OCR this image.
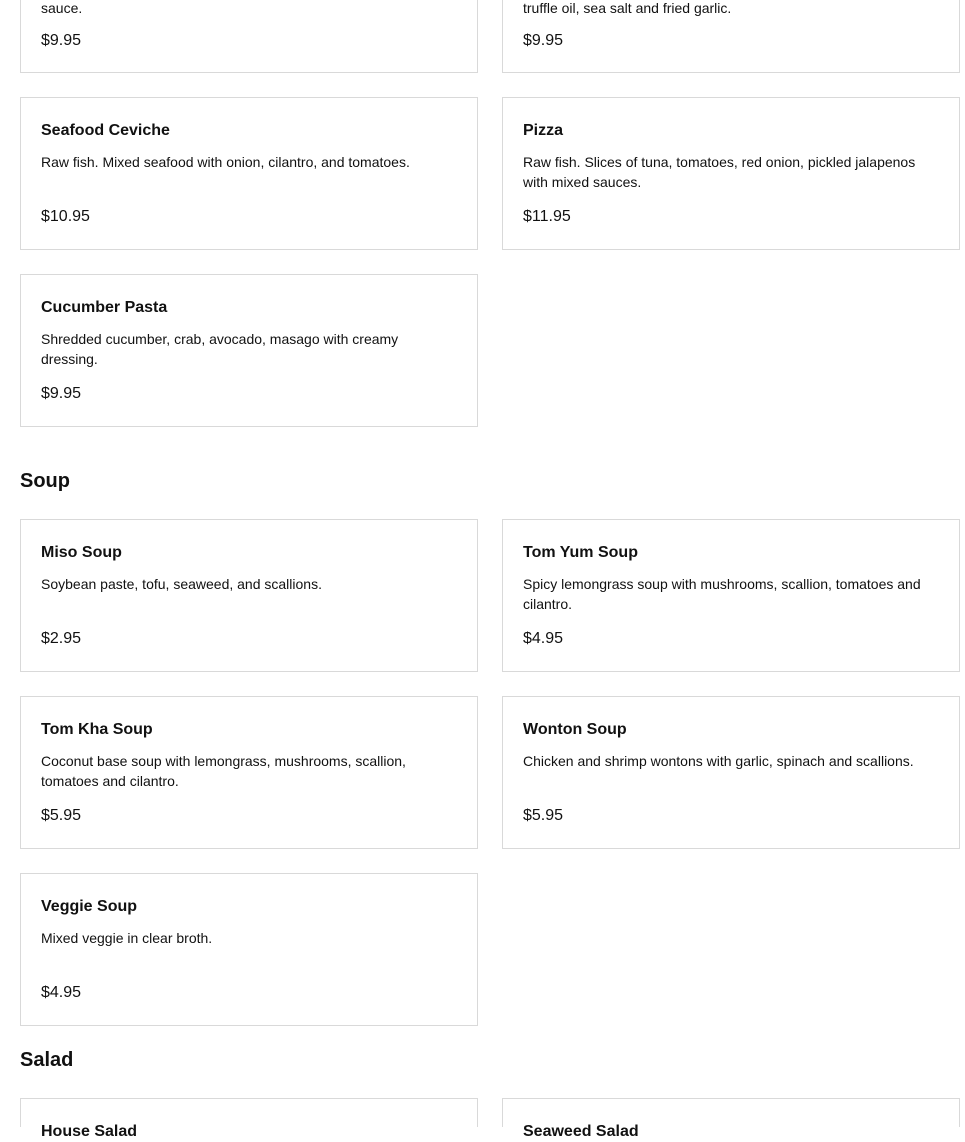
sauce.

$9.95

truffle oil, sea salt and fried garlic.

$9.95

Seafood Ceviche

Raw fish. Mixed seafood with onion, cilantro, and tomatoes.

$10.95

Pizza

Raw fish. Slices of tuna, tomatoes, red onion, pickled jalapenos with mixed sauces.

$11.95

Cucumber Pasta

Shredded cucumber, crab, avocado, masago with creamy dressing.

$9.95

Soup

Miso Soup

Soybean paste, tofu, seaweed, and scallions.

$2.95

Tom Yum Soup

Spicy lemongrass soup with mushrooms, scallion, tomatoes and cilantro.

$4.95

Tom Kha Soup

Coconut base soup with lemongrass, mushrooms, scallion, tomatoes and cilantro.

$5.95

Wonton Soup

Chicken and shrimp wontons with garlic, spinach and scallions.

$5.95

Veggie Soup

Mixed veggie in clear broth.

$4.95

Salad

House Salad	Seaweed Salad
